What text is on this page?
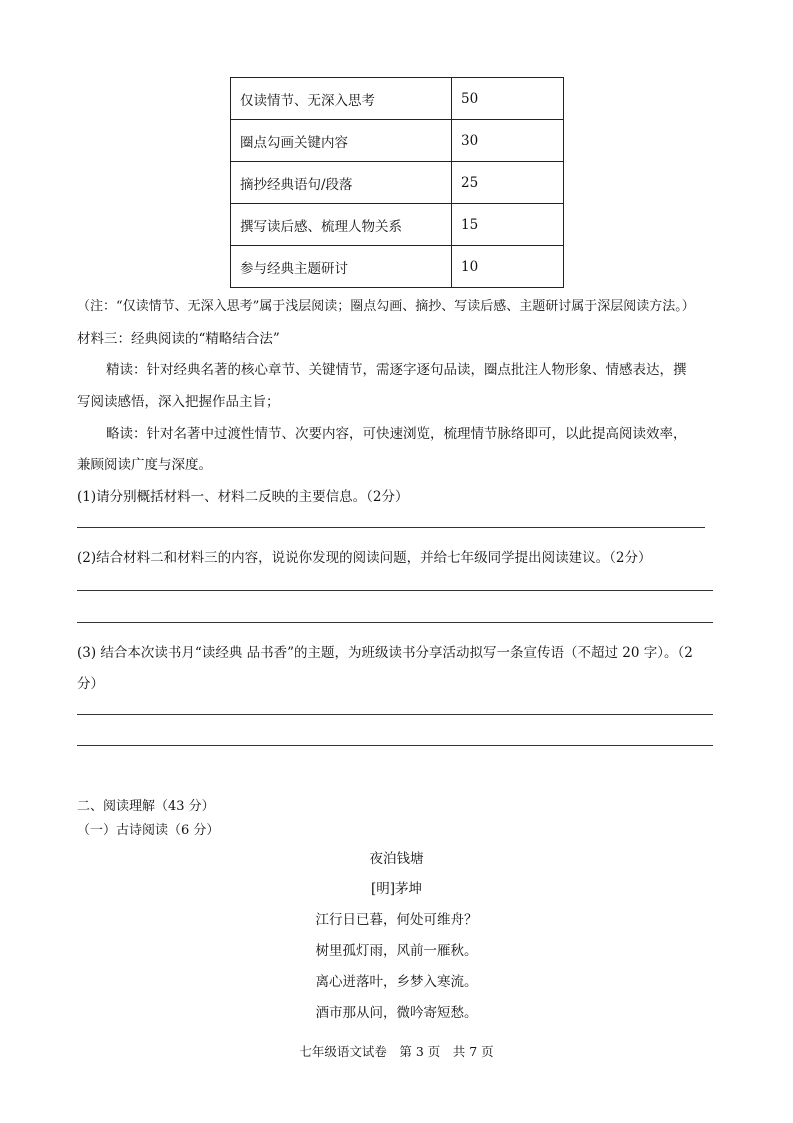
仅读情节、无深入思考	50
圈点勾画关键内容	30
摘抄经典语句/段落	25
撰写读后感、梳理人物关系	15
参与经典主题研讨	10
（注：“仅读情节、无深入思考”属于浅层阅读；圈点勾画、摘抄、写读后感、主题研讨属于深层阅读方法。）
材料三：经典阅读的“精略结合法”
精读：针对经典名著的核心章节、关键情节，需逐字逐句品读，圈点批注人物形象、情感表达，撰
写阅读感悟，深入把握作品主旨；
略读：针对名著中过渡性情节、次要内容，可快速浏览，梳理情节脉络即可，以此提高阅读效率，
兼顾阅读广度与深度。
(1)请分别概括材料一、材料二反映的主要信息。（2分）
(2)结合材料二和材料三的内容，说说你发现的阅读问题，并给七年级同学提出阅读建议。（2分）
(3) 结合本次读书月“读经典 品书香”的主题，为班级读书分享活动拟写一条宣传语（不超过 20 字）。（2
分）
二、阅读理解（43 分）
（一）古诗阅读（6 分）
夜泊钱塘
[明]茅坤
江行日已暮，何处可维舟？
树里孤灯雨，风前一雁秋。
离心迸落叶，乡梦入寒流。
酒市那从问，微吟寄短愁。
七年级语文试卷　第 3 页　共 7 页
